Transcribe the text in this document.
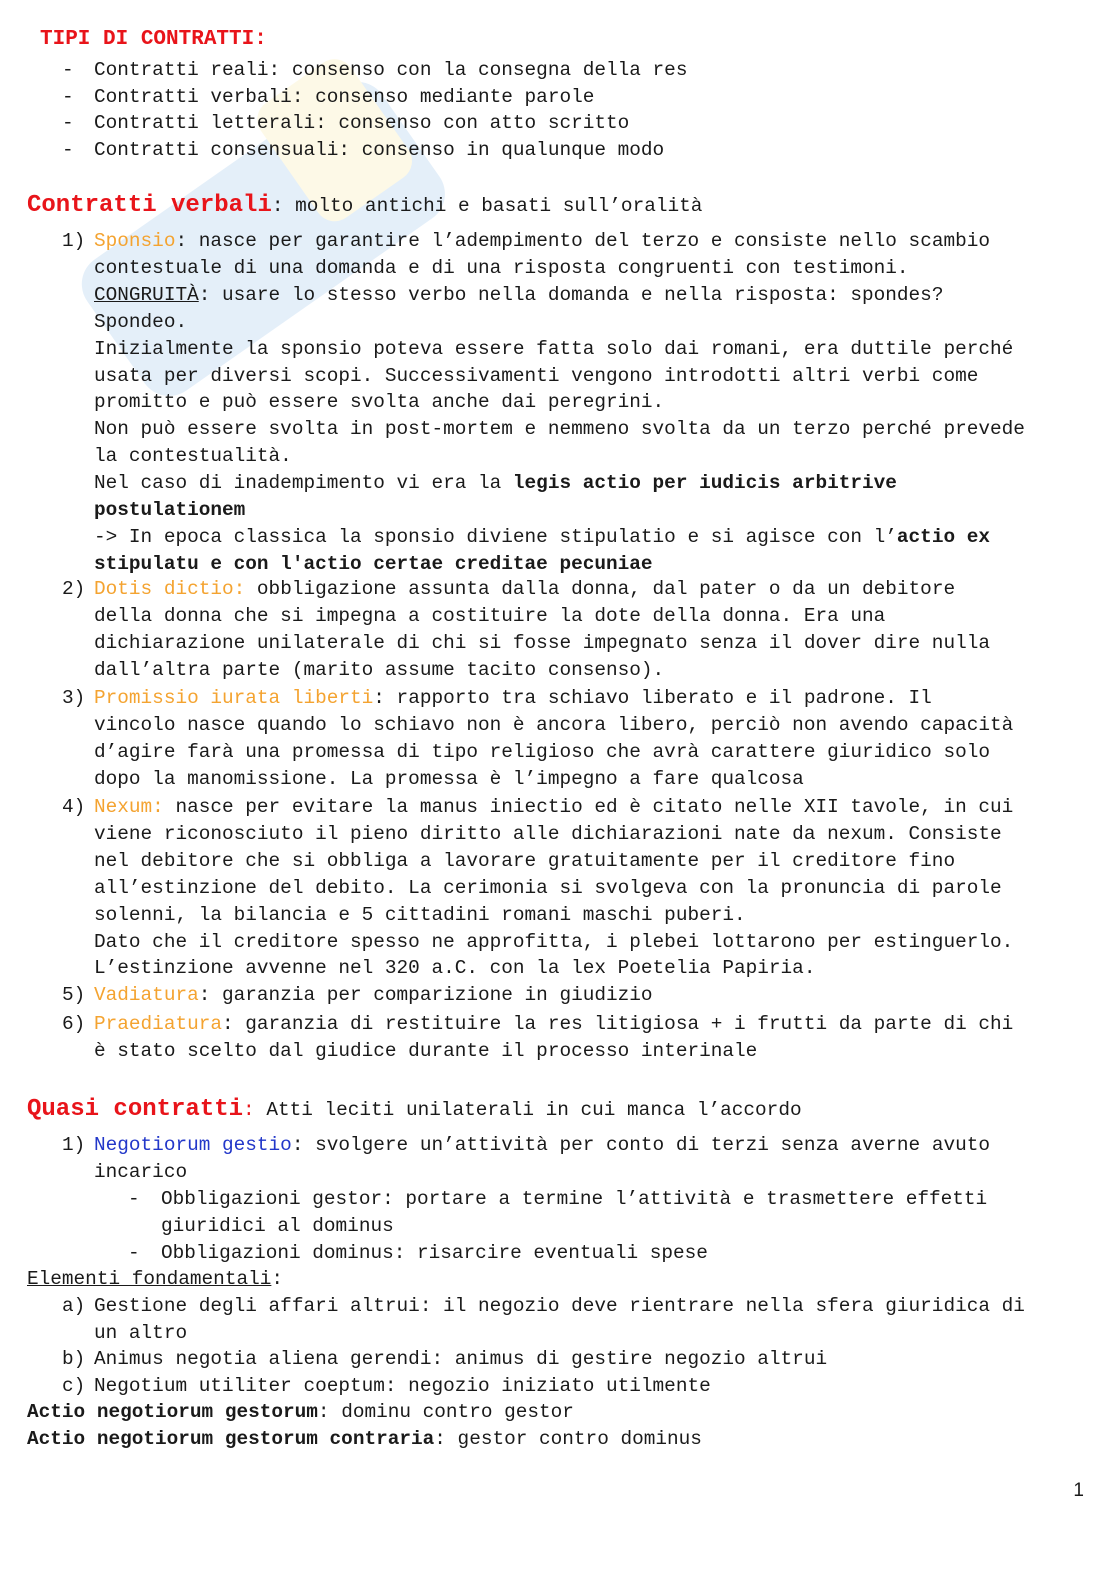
TIPI DI CONTRATTI:
- Contratti reali: consenso con la consegna della res
- Contratti verbali: consenso mediante parole
- Contratti letterali: consenso con atto scritto
- Contratti consensuali: consenso in qualunque modo
Contratti verbali: molto antichi e basati sull’oralità
1) Sponsio: nasce per garantire l’adempimento del terzo e consiste nello scambio
contestuale di una domanda e di una risposta congruenti con testimoni.
CONGRUITÀ: usare lo stesso verbo nella domanda e nella risposta: spondes?
Spondeo.
Inizialmente la sponsio poteva essere fatta solo dai romani, era duttile perché
usata per diversi scopi. Successivamenti vengono introdotti altri verbi come
promitto e può essere svolta anche dai peregrini.
Non può essere svolta in post-mortem e nemmeno svolta da un terzo perché prevede
la contestualità.
Nel caso di inadempimento vi era la legis actio per iudicis arbitrive
postulationem
-> In epoca classica la sponsio diviene stipulatio e si agisce con l’actio ex
stipulatu e con l'actio certae creditae pecuniae
2) Dotis dictio: obbligazione assunta dalla donna, dal pater o da un debitore
della donna che si impegna a costituire la dote della donna. Era una
dichiarazione unilaterale di chi si fosse impegnato senza il dover dire nulla
dall’altra parte (marito assume tacito consenso).
3) Promissio iurata liberti: rapporto tra schiavo liberato e il padrone. Il
vincolo nasce quando lo schiavo non è ancora libero, perciò non avendo capacità
d’agire farà una promessa di tipo religioso che avrà carattere giuridico solo
dopo la manomissione. La promessa è l’impegno a fare qualcosa
4) Nexum: nasce per evitare la manus iniectio ed è citato nelle XII tavole, in cui
viene riconosciuto il pieno diritto alle dichiarazioni nate da nexum. Consiste
nel debitore che si obbliga a lavorare gratuitamente per il creditore fino
all’estinzione del debito. La cerimonia si svolgeva con la pronuncia di parole
solenni, la bilancia e 5 cittadini romani maschi puberi.
Dato che il creditore spesso ne approfitta, i plebei lottarono per estinguerlo.
L’estinzione avvenne nel 320 a.C. con la lex Poetelia Papiria.
5) Vadiatura: garanzia per comparizione in giudizio
6) Praediatura: garanzia di restituire la res litigiosa + i frutti da parte di chi
è stato scelto dal giudice durante il processo interinale
Quasi contratti: Atti leciti unilaterali in cui manca l’accordo
1) Negotiorum gestio: svolgere un’attività per conto di terzi senza averne avuto
incarico
- Obbligazioni gestor: portare a termine l’attività e trasmettere effetti
giuridici al dominus
- Obbligazioni dominus: risarcire eventuali spese
Elementi fondamentali:
a) Gestione degli affari altrui: il negozio deve rientrare nella sfera giuridica di
un altro
b) Animus negotia aliena gerendi: animus di gestire negozio altrui
c) Negotium utiliter coeptum: negozio iniziato utilmente
Actio negotiorum gestorum: dominu contro gestor
Actio negotiorum gestorum contraria: gestor contro dominus
1
